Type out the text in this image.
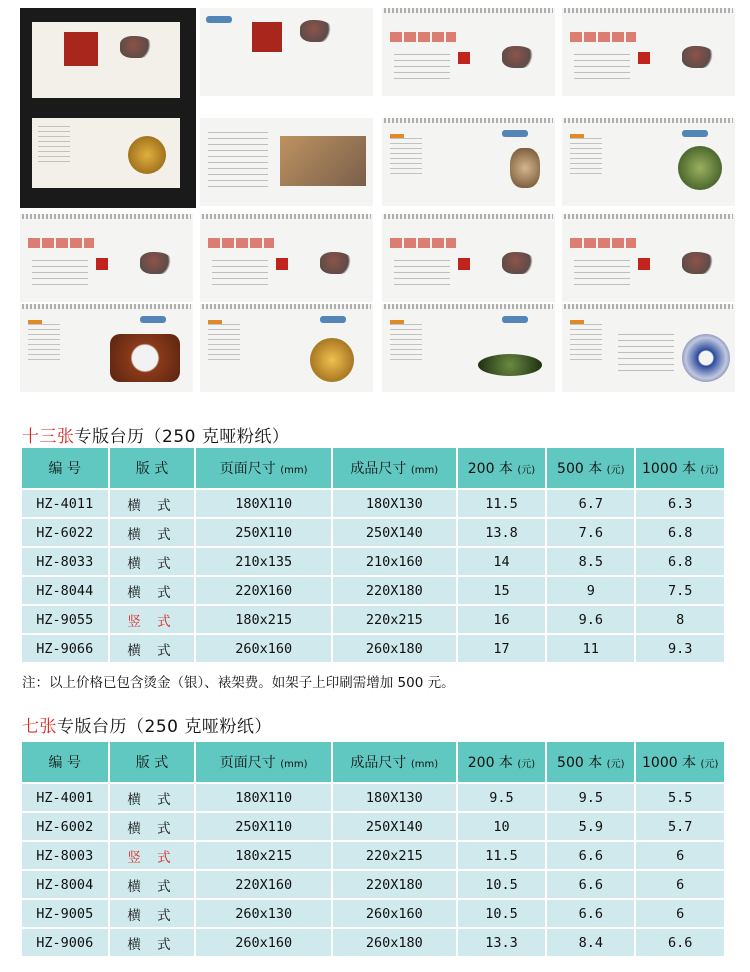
十三张专版台历（250 克哑粉纸）
编 号	版 式	页面尺寸 (mm)	成品尺寸 (mm)	200 本 (元)	500 本 (元)	1000 本 (元)
HZ-4011	横 式	180X110	180X130	11.5	6.7	6.3
HZ-6022	横 式	250X110	250X140	13.8	7.6	6.8
HZ-8033	横 式	210x135	210x160	14	8.5	6.8
HZ-8044	横 式	220X160	220X180	15	9	7.5
HZ-9055	竖 式	180x215	220x215	16	9.6	8
HZ-9066	横 式	260x160	260x180	17	11	9.3
注：以上价格已包含烫金（银）、裱架费。如架子上印刷需增加 500 元。
七张专版台历（250 克哑粉纸）
编 号	版 式	页面尺寸 (mm)	成品尺寸 (mm)	200 本 (元)	500 本 (元)	1000 本 (元)
HZ-4001	横 式	180X110	180X130	9.5	9.5	5.5
HZ-6002	横 式	250X110	250X140	10	5.9	5.7
HZ-8003	竖 式	180x215	220x215	11.5	6.6	6
HZ-8004	横 式	220X160	220X180	10.5	6.6	6
HZ-9005	横 式	260x130	260x160	10.5	6.6	6
HZ-9006	横 式	260x160	260x180	13.3	8.4	6.6
